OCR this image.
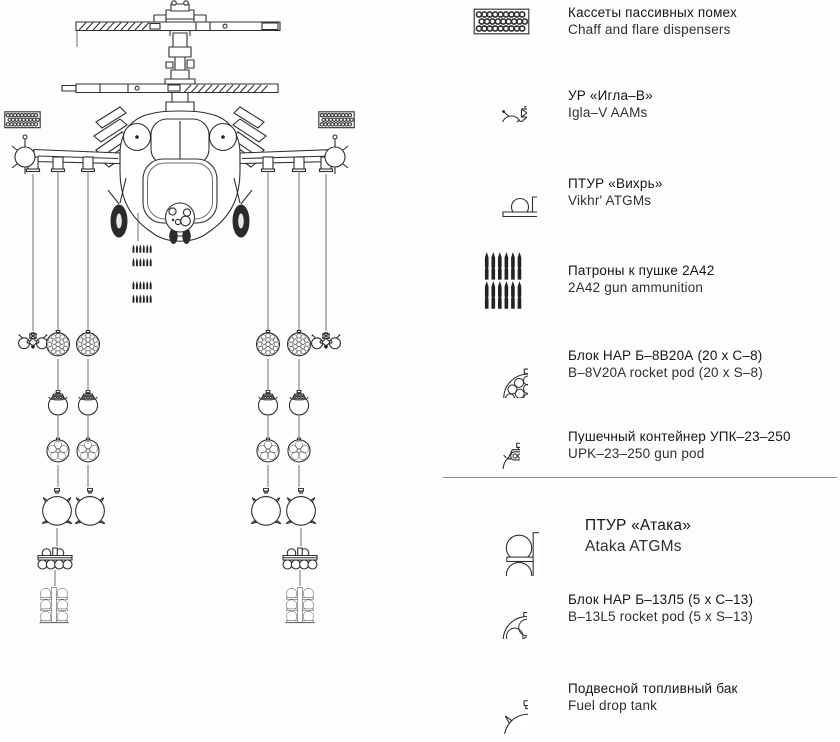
Кассеты пассивных помех
Chaff and flare dispensers
УР «Игла–В»
Igla–V AAMs
ПТУР «Вихрь»
Vikhr' ATGMs
Патроны к пушке 2А42
2A42 gun ammunition
Блок НАР Б–8В20А (20 х С–8)
B–8V20A rocket pod (20 x S–8)
Пушечный контейнер УПК–23–250
UPK–23–250 gun pod
ПТУР «Атака»
Ataka ATGMs
Блок НАР Б–13Л5 (5 х С–13)
B–13L5 rocket pod (5 x S–13)
Подвесной топливный бак
Fuel drop tank
